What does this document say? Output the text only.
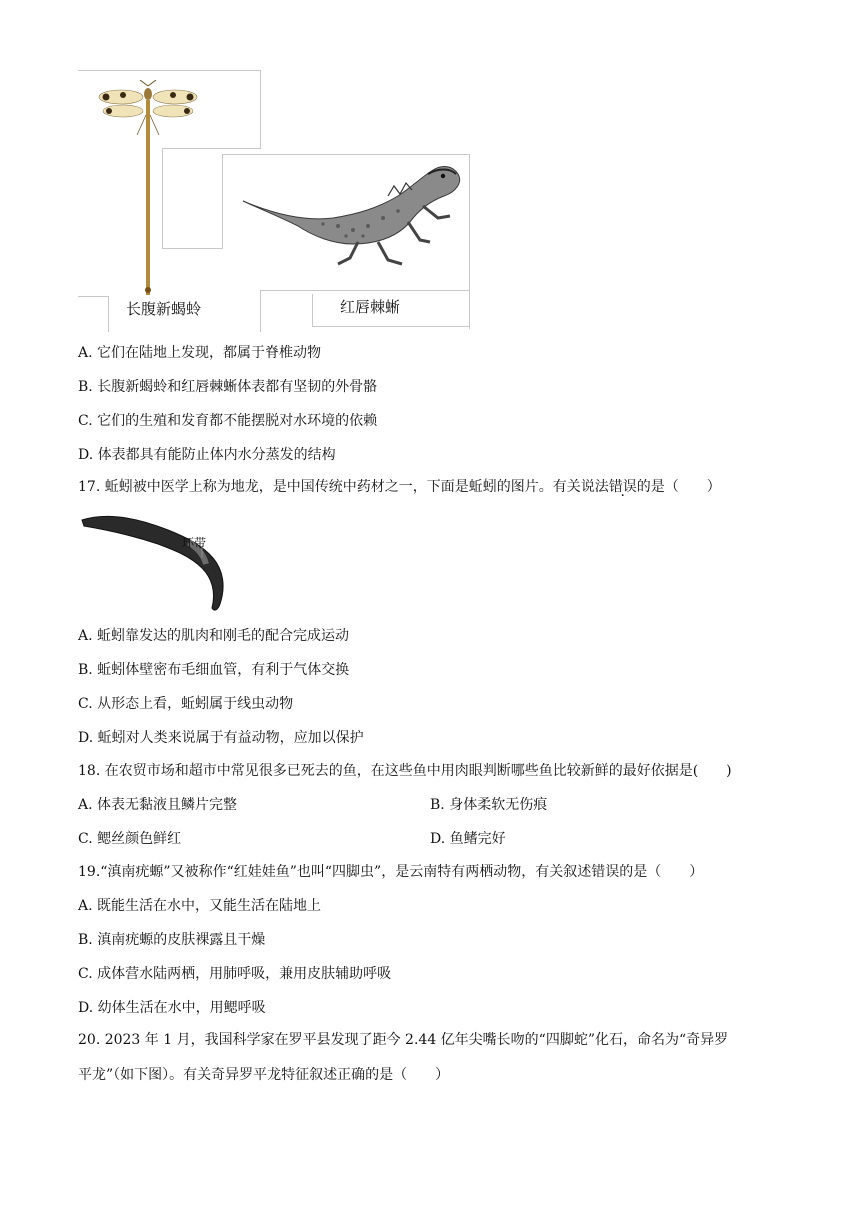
长腹新蝎蛉	红唇棘蜥
A. 它们在陆地上发现，都属于脊椎动物
B. 长腹新蝎蛉和红唇棘蜥体表都有坚韧的外骨骼
C. 它们的生殖和发育都不能摆脱对水环境的依赖
D. 体表都具有能防止体内水分蒸发的结构
17. 蚯蚓被中医学上称为地龙，是中国传统中药材之一，下面是蚯蚓的图片。有关说法错误的是（　　）
环带
A. 蚯蚓靠发达的肌肉和刚毛的配合完成运动
B. 蚯蚓体壁密布毛细血管，有利于气体交换
C. 从形态上看，蚯蚓属于线虫动物
D. 蚯蚓对人类来说属于有益动物，应加以保护
18. 在农贸市场和超市中常见很多已死去的鱼，在这些鱼中用肉眼判断哪些鱼比较新鲜的最好依据是(　　)
A. 体表无黏液且鳞片完整	B. 身体柔软无伤痕
C. 鳃丝颜色鲜红	D. 鱼鳍完好
19.“滇南疣螈”又被称作“红娃娃鱼”也叫“四脚虫”，是云南特有两栖动物，有关叙述错误的是（　　）
A. 既能生活在水中，又能生活在陆地上
B. 滇南疣螈的皮肤裸露且干燥
C. 成体营水陆两栖，用肺呼吸，兼用皮肤辅助呼吸
D. 幼体生活在水中，用鳃呼吸
20. 2023 年 1 月，我国科学家在罗平县发现了距今 2.44 亿年尖嘴长吻的“四脚蛇”化石，命名为“奇异罗
平龙”（如下图）。有关奇异罗平龙特征叙述正确的是（　　）
